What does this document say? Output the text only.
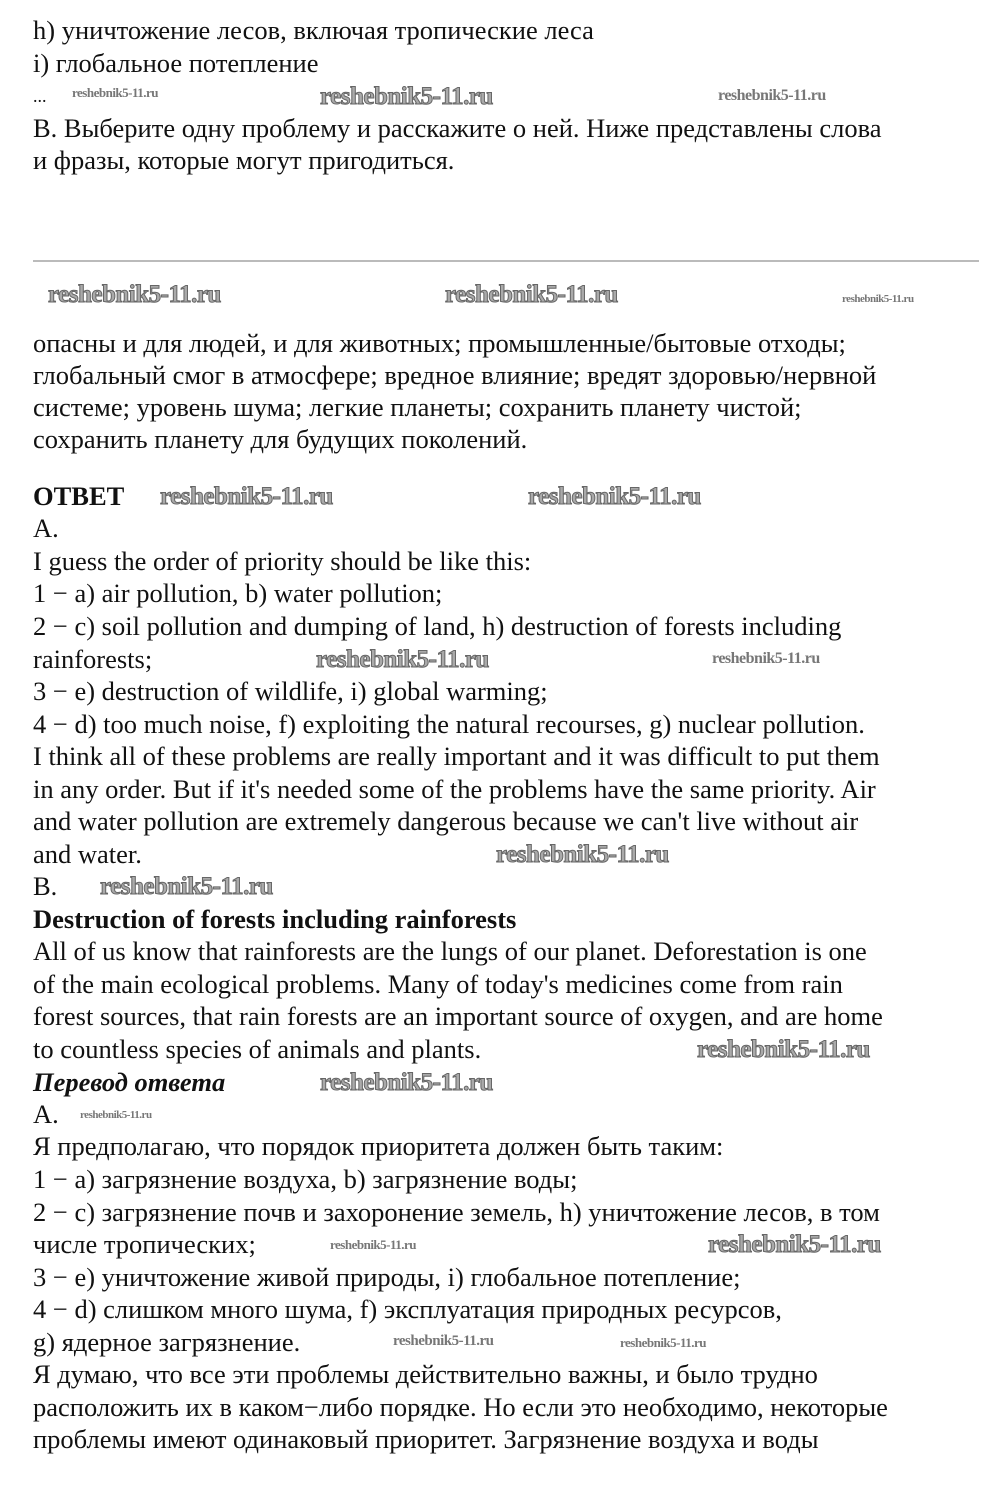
h) уничтожение лесов, включая тропические леса
i) глобальное потепление
...
B. Выберите одну проблему и расскажите о ней. Ниже представлены слова
и фразы, которые могут пригодиться.
опасны и для людей, и для животных; промышленные/бытовые отходы;
глобальный смог в атмосфере; вредное влияние; вредят здоровью/нервной
системе; уровень шума; легкие планеты; сохранить планету чистой;
сохранить планету для будущих поколений.
ОТВЕТ
A.
I guess the order of priority should be like this:
1 − a) air pollution, b) water pollution;
2 − c) soil pollution and dumping of land, h) destruction of forests including
rainforests;
3 − e) destruction of wildlife, i) global warming;
4 − d) too much noise, f) exploiting the natural recourses, g) nuclear pollution.
I think all of these problems are really important and it was difficult to put them
in any order. But if it's needed some of the problems have the same priority. Air
and water pollution are extremely dangerous because we can't live without air
and water.
B.
Destruction of forests including rainforests
All of us know that rainforests are the lungs of our planet. Deforestation is one
of the main ecological problems. Many of today's medicines come from rain
forest sources, that rain forests are an important source of oxygen, and are home
to countless species of animals and plants.
Перевод ответа
A.
Я предполагаю, что порядок приоритета должен быть таким:
1 − a) загрязнение воздуха, b) загрязнение воды;
2 − c) загрязнение почв и захоронение земель, h) уничтожение лесов, в том
числе тропических;
3 − e) уничтожение живой природы, i) глобальное потепление;
4 − d) слишком много шума, f) эксплуатация природных ресурсов,
g) ядерное загрязнение.
Я думаю, что все эти проблемы действительно важны, и было трудно
расположить их в каком−либо порядке. Но если это необходимо, некоторые
проблемы имеют одинаковый приоритет. Загрязнение воздуха и воды
reshebnik5-11.ru	reshebnik5-11.ru	reshebnik5-11.ru
reshebnik5-11.ru	reshebnik5-11.ru	reshebnik5-11.ru
reshebnik5-11.ru	reshebnik5-11.ru
reshebnik5-11.ru	reshebnik5-11.ru
reshebnik5-11.ru
reshebnik5-11.ru
reshebnik5-11.ru
reshebnik5-11.ru
reshebnik5-11.ru
reshebnik5-11.ru
reshebnik5-11.ru
reshebnik5-11.ru	reshebnik5-11.ru
